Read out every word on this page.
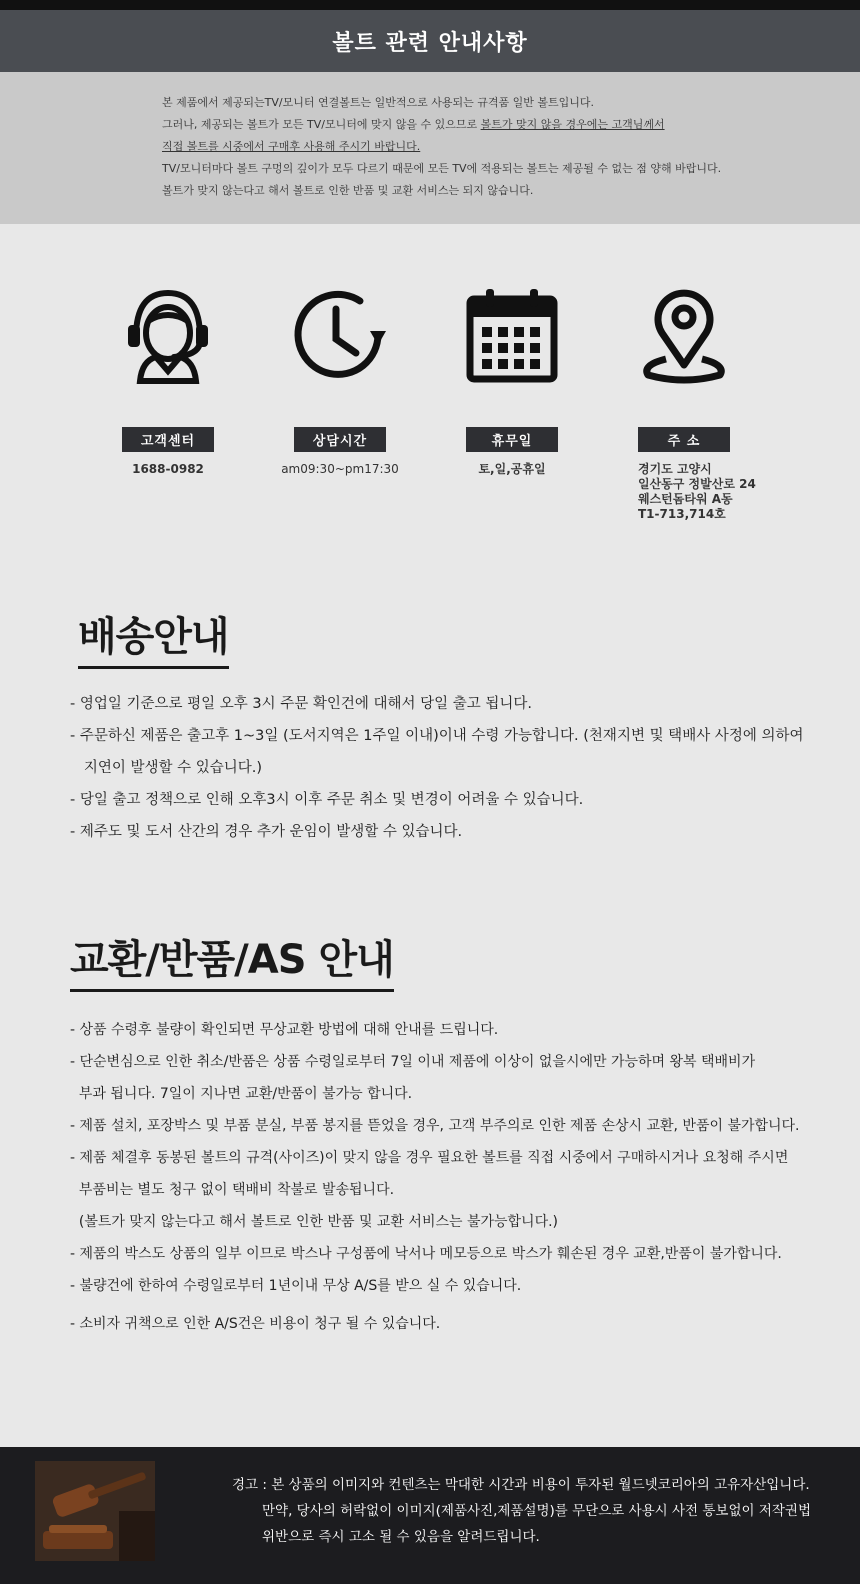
볼트 관련 안내사항
본 제품에서 제공되는TV/모니터 연결볼트는 일반적으로 사용되는 규격품 일반 볼트입니다.
그러나, 제공되는 볼트가 모든 TV/모니터에 맞지 않을 수 있으므로 볼트가 맞지 않을 경우에는 고객님께서
직접 볼트를 시중에서 구매후 사용해 주시기 바랍니다.
TV/모니터마다 볼트 구멍의 깊이가 모두 다르기 때문에 모든 TV에 적용되는 볼트는 제공될 수 없는 점 양해 바랍니다.
볼트가 맞지 않는다고 해서 볼트로 인한 반품 및 교환 서비스는 되지 않습니다.
고객센터
1688-0982
상담시간
am09:30~pm17:30
휴무일
토,일,공휴일
주 소
경기도 고양시
일산동구 정발산로 24
웨스턴돔타워 A동
T1-713,714호
배송안내
- 영업일 기준으로 평일 오후 3시 주문 확인건에 대해서 당일 출고 됩니다.
- 주문하신 제품은 출고후 1~3일 (도서지역은 1주일 이내)이내 수령 가능합니다. (천재지변 및 택배사 사정에 의하여
지연이 발생할 수 있습니다.)
- 당일 출고 정책으로 인해 오후3시 이후 주문 취소 및 변경이 어려울 수 있습니다.
- 제주도 및 도서 산간의 경우 추가 운임이 발생할 수 있습니다.
교환/반품/AS 안내
- 상품 수령후 불량이 확인되면 무상교환 방법에 대해 안내를 드립니다.
- 단순변심으로 인한 취소/반품은 상품 수령일로부터 7일 이내 제품에 이상이 없을시에만 가능하며 왕복 택배비가
부과 됩니다. 7일이 지나면 교환/반품이 불가능 합니다.
- 제품 설치, 포장박스 및 부품 분실, 부품 봉지를 뜯었을 경우, 고객 부주의로 인한 제품 손상시 교환, 반품이 불가합니다.
- 제품 체결후 동봉된 볼트의 규격(사이즈)이 맞지 않을 경우 필요한 볼트를 직접 시중에서 구매하시거나 요청해 주시면
부품비는 별도 청구 없이 택배비 착불로 발송됩니다.
(볼트가 맞지 않는다고 해서 볼트로 인한 반품 및 교환 서비스는 불가능합니다.)
- 제품의 박스도 상품의 일부 이므로 박스나 구성품에 낙서나 메모등으로 박스가 훼손된 경우 교환,반품이 불가합니다.
- 불량건에 한하여 수령일로부터 1년이내 무상 A/S를 받으 실 수 있습니다.
- 소비자 귀책으로 인한 A/S건은 비용이 청구 될 수 있습니다.
경고 : 본 상품의 이미지와 컨텐츠는 막대한 시간과 비용이 투자된 월드넷코리아의 고유자산입니다.
만약, 당사의 허락없이 이미지(제품사진,제품설명)를 무단으로 사용시 사전 통보없이 저작권법
위반으로 즉시 고소 될 수 있음을 알려드립니다.
